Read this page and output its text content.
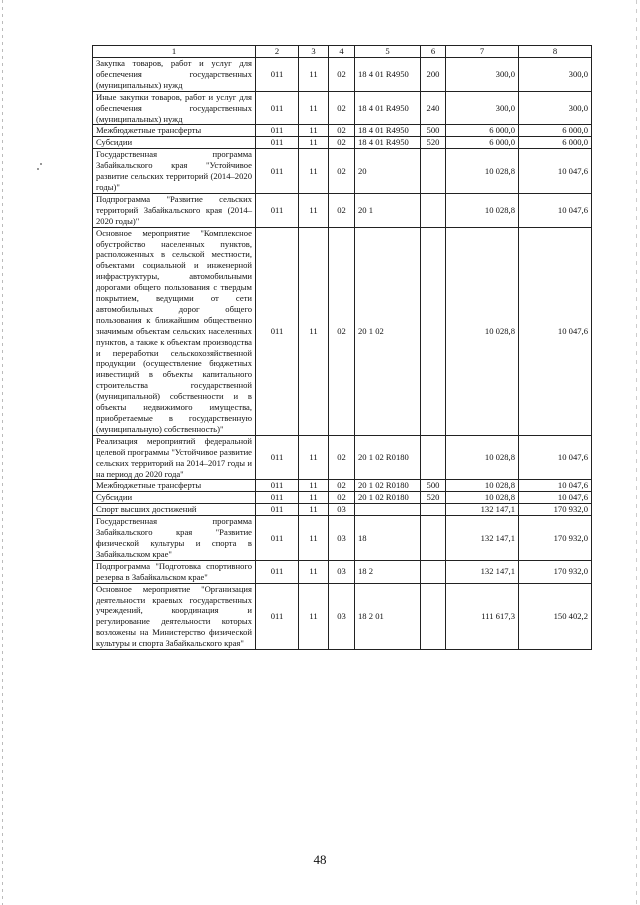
1	2	3	4	5	6	7	8
Закупка товаров, работ и услуг для обеспечения государственных (муниципальных) нужд	011	11	02	18 4 01 R4950	200	300,0	300,0
Иные закупки товаров, работ и услуг для обеспечения государственных (муниципальных) нужд	011	11	02	18 4 01 R4950	240	300,0	300,0
Межбюджетные трансферты	011	11	02	18 4 01 R4950	500	6 000,0	6 000,0
Субсидии	011	11	02	18 4 01 R4950	520	6 000,0	6 000,0
Государственная программа Забайкальского края "Устойчивое развитие сельских территорий (2014–2020 годы)"	011	11	02	20		10 028,8	10 047,6
Подпрограмма "Развитие сельских территорий Забайкальского края (2014–2020 годы)"	011	11	02	20 1		10 028,8	10 047,6
Основное мероприятие "Комплексное обустройство населенных пунктов, расположенных в сельской местности, объектами социальной и инженерной инфраструктуры, автомобильными дорогами общего пользования с твердым покрытием, ведущими от сети автомобильных дорог общего пользования к ближайшим общественно значимым объектам сельских населенных пунктов, а также к объектам производства и переработки сельскохозяйственной продукции (осуществление бюджетных инвестиций в объекты капитального строительства государственной (муниципальной) собственности и в объекты недвижимого имущества, приобретаемые в государственную (муниципальную) собственность)"	011	11	02	20 1 02		10 028,8	10 047,6
Реализация мероприятий федеральной целевой программы "Устойчивое развитие сельских территорий на 2014–2017 годы и на период до 2020 года"	011	11	02	20 1 02 R0180		10 028,8	10 047,6
Межбюджетные трансферты	011	11	02	20 1 02 R0180	500	10 028,8	10 047,6
Субсидии	011	11	02	20 1 02 R0180	520	10 028,8	10 047,6
Спорт высших достижений	011	11	03			132 147,1	170 932,0
Государственная программа Забайкальского края "Развитие физической культуры и спорта в Забайкальском крае"	011	11	03	18		132 147,1	170 932,0
Подпрограмма "Подготовка спортивного резерва в Забайкальском крае"	011	11	03	18 2		132 147,1	170 932,0
Основное мероприятие "Организация деятельности краевых государственных учреждений, координация и регулирование деятельности которых возложены на Министерство физической культуры и спорта Забайкальского края"	011	11	03	18 2 01		111 617,3	150 402,2
48
